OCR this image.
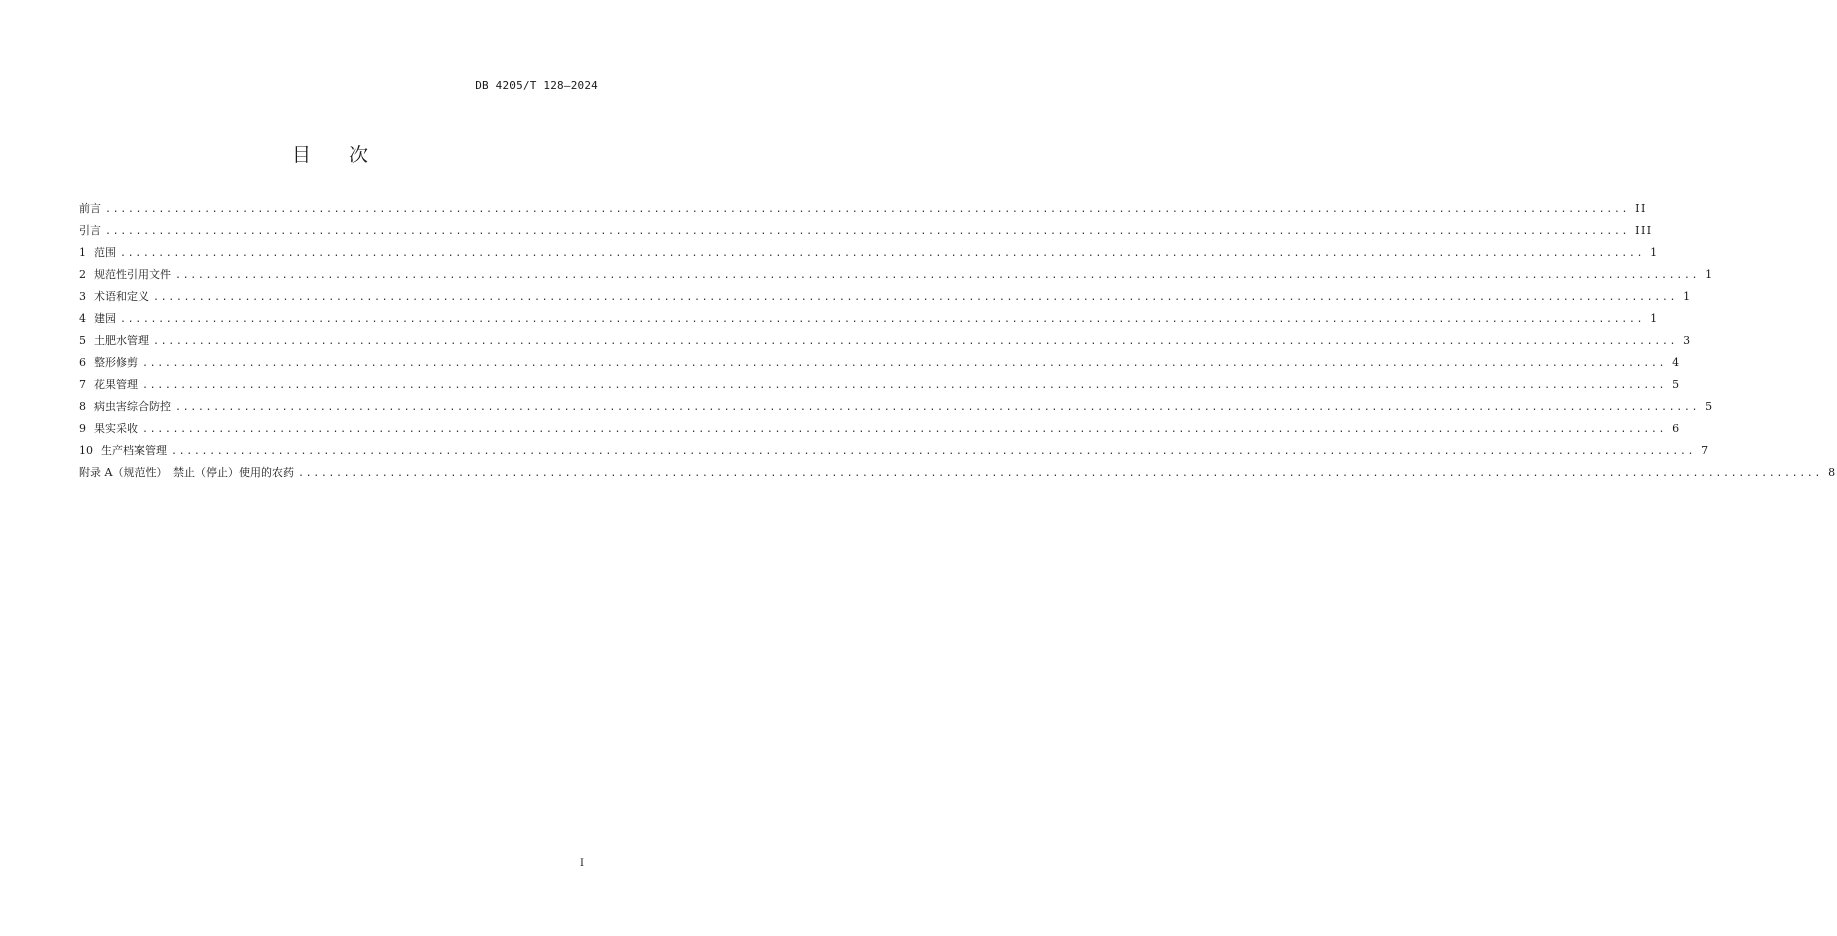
DB 4205/T 128—2024
目 次
前言 ........................................................................................................................................................................................................ II
引言 ........................................................................................................................................................................................................ III
1 范围 ........................................................................................................................................................................................................ 1
2 规范性引用文件 ........................................................................................................................................................................................................ 1
3 术语和定义 ........................................................................................................................................................................................................ 1
4 建园 ........................................................................................................................................................................................................ 1
5 土肥水管理 ........................................................................................................................................................................................................ 3
6 整形修剪 ........................................................................................................................................................................................................ 4
7 花果管理 ........................................................................................................................................................................................................ 5
8 病虫害综合防控 ........................................................................................................................................................................................................ 5
9 果实采收 ........................................................................................................................................................................................................ 6
10 生产档案管理 ........................................................................................................................................................................................................ 7
附录 A（规范性）　禁止（停止）使用的农药 ........................................................................................................................................................................................................ 8
I
